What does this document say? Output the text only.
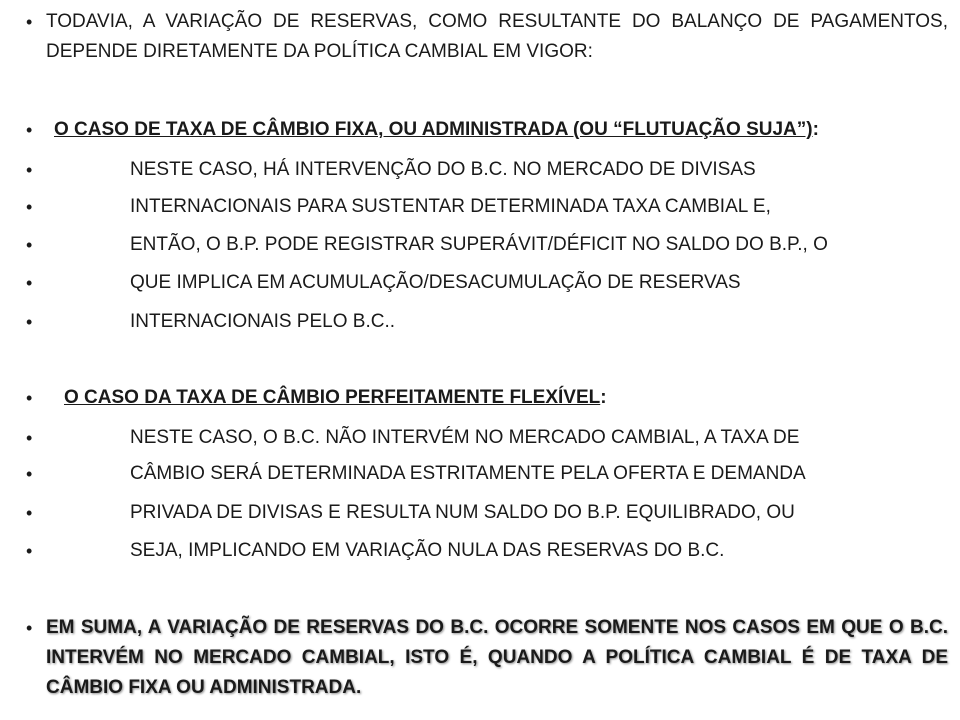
• TODAVIA, A VARIAÇÃO DE RESERVAS, COMO RESULTANTE DO BALANÇO DE PAGAMENTOS, DEPENDE DIRETAMENTE DA POLÍTICA CAMBIAL EM VIGOR:
•	O CASO DE TAXA DE CÂMBIO FIXA, OU ADMINISTRADA (OU “FLUTUAÇÃO SUJA”):
•	NESTE CASO, HÁ INTERVENÇÃO DO B.C. NO MERCADO DE DIVISAS
•	INTERNACIONAIS PARA SUSTENTAR DETERMINADA TAXA CAMBIAL E,
•	ENTÃO, O B.P. PODE REGISTRAR SUPERÁVIT/DÉFICIT NO SALDO DO B.P., O
•	QUE IMPLICA EM ACUMULAÇÃO/DESACUMULAÇÃO DE RESERVAS
•	INTERNACIONAIS PELO B.C..
•	O CASO DA TAXA DE CÂMBIO PERFEITAMENTE FLEXÍVEL:
•	NESTE CASO, O B.C. NÃO INTERVÉM NO MERCADO CAMBIAL, A TAXA DE
•	CÂMBIO SERÁ DETERMINADA ESTRITAMENTE PELA OFERTA E DEMANDA
•	PRIVADA DE DIVISAS E RESULTA NUM SALDO DO B.P. EQUILIBRADO, OU
•	SEJA, IMPLICANDO EM VARIAÇÃO NULA DAS RESERVAS DO B.C.
• EM SUMA, A VARIAÇÃO DE RESERVAS DO B.C. OCORRE SOMENTE NOS CASOS EM QUE O B.C. INTERVÉM NO MERCADO CAMBIAL, ISTO É, QUANDO A POLÍTICA CAMBIAL É DE TAXA DE CÂMBIO FIXA OU ADMINISTRADA.
